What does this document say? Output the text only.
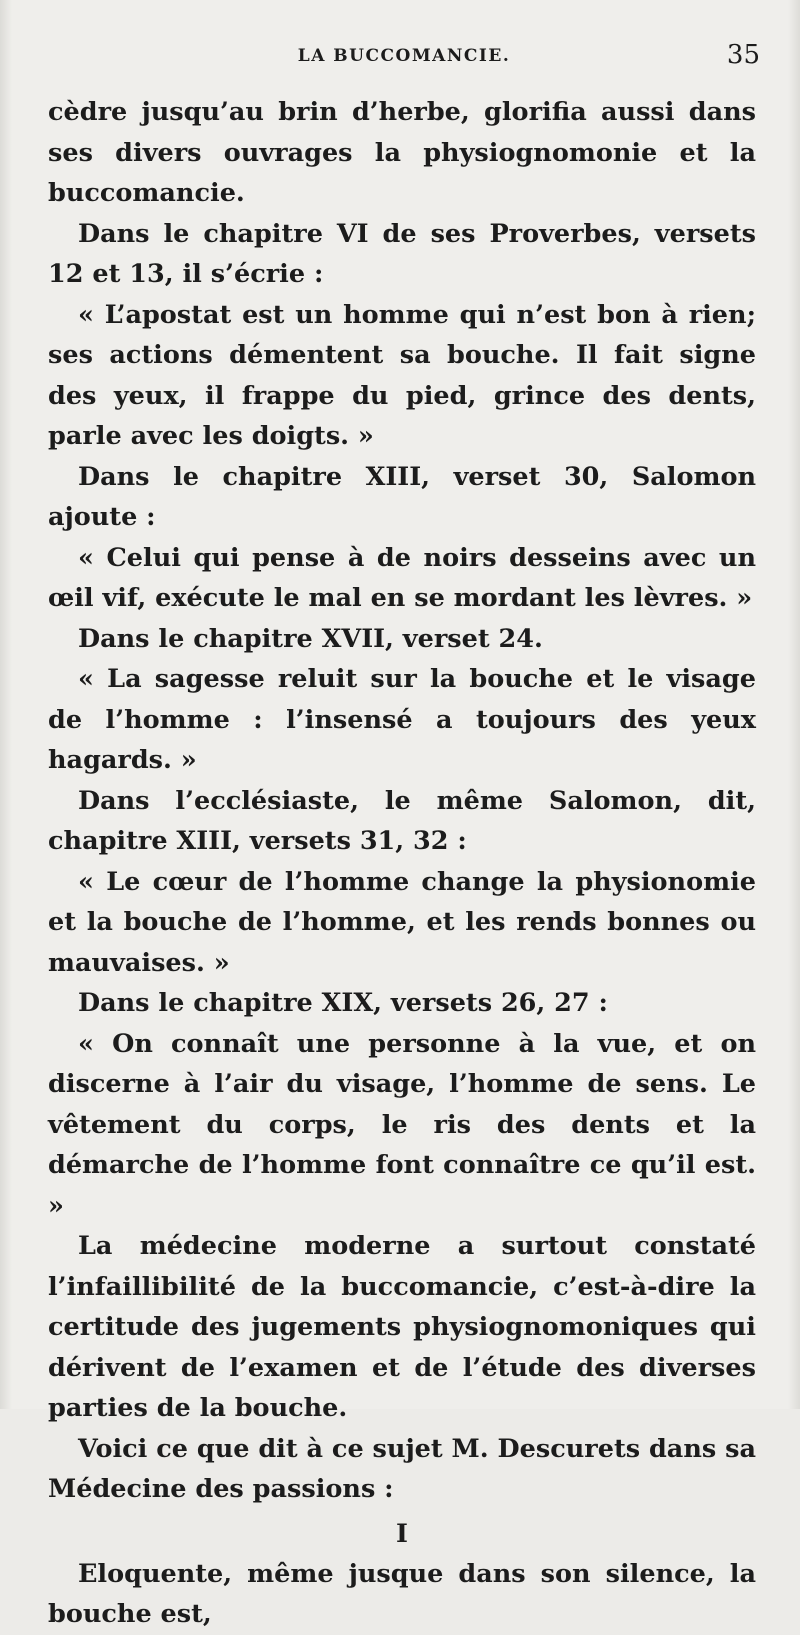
LA BUCCOMANCIE.	35

cèdre jusqu’au brin d’herbe, glorifia aussi dans ses divers ouvrages la physiognomonie et la buccomancie.

Dans le chapitre VI de ses Proverbes, versets 12 et 13, il s’écrie :

« L’apostat est un homme qui n’est bon à rien; ses actions démentent sa bouche. Il fait signe des yeux, il frappe du pied, grince des dents, parle avec les doigts. »

Dans le chapitre XIII, verset 30, Salomon ajoute :

« Celui qui pense à de noirs desseins avec un œil vif, exécute le mal en se mordant les lèvres. »

Dans le chapitre XVII, verset 24.

« La sagesse reluit sur la bouche et le visage de l’homme : l’insensé a toujours des yeux hagards. »

Dans l’ecclésiaste, le même Salomon, dit, chapitre XIII, versets 31, 32 :

« Le cœur de l’homme change la physionomie et la bouche de l’homme, et les rends bonnes ou mauvaises. »

Dans le chapitre XIX, versets 26, 27 :

« On connaît une personne à la vue, et on discerne à l’air du visage, l’homme de sens. Le vêtement du corps, le ris des dents et la démarche de l’homme font connaître ce qu’il est. »

La médecine moderne a surtout constaté l’infaillibilité de la buccomancie, c’est-à-dire la certitude des jugements physiognomoniques qui dérivent de l’examen et de l’étude des diverses parties de la bouche.

Voici ce que dit à ce sujet M. Descurets dans sa Médecine des passions :

I

Eloquente, même jusque dans son silence, la bouche est,
